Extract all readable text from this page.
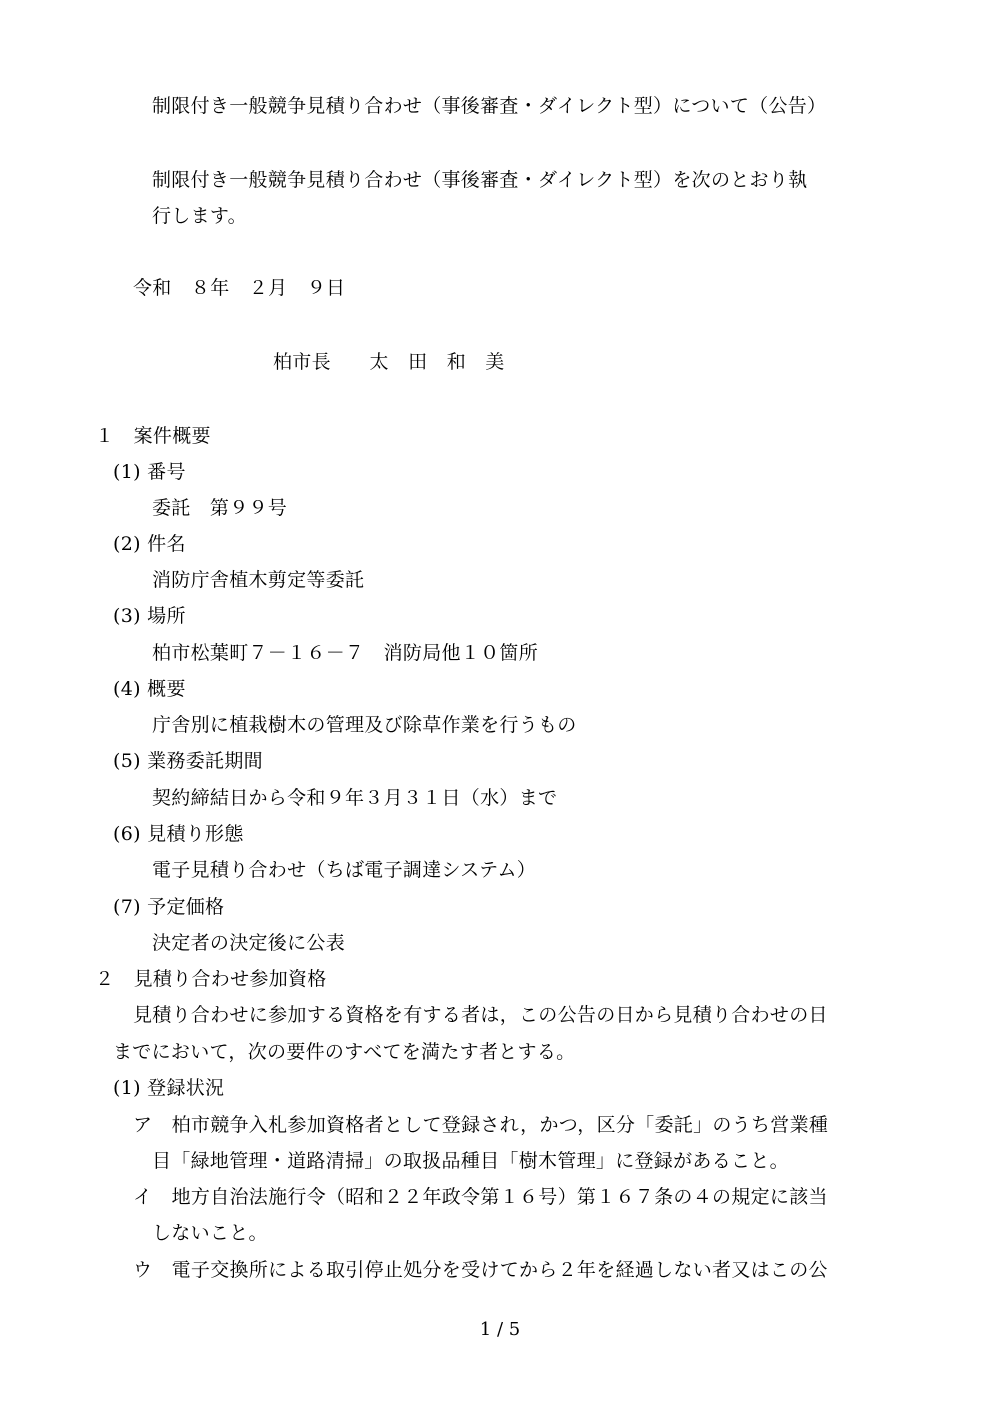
制限付き一般競争見積り合わせ（事後審査・ダイレクト型）について（公告）
制限付き一般競争見積り合わせ（事後審査・ダイレクト型）を次のとおり執
行します。
令和　８年　２月　９日
柏市長　　太　田　和　美
１　案件概要
(1) 番号
委託　第９９号
(2) 件名
消防庁舎植木剪定等委託
(3) 場所
柏市松葉町７－１６－７　消防局他１０箇所
(4) 概要
庁舎別に植栽樹木の管理及び除草作業を行うもの
(5) 業務委託期間
契約締結日から令和９年３月３１日（水）まで
(6) 見積り形態
電子見積り合わせ（ちば電子調達システム）
(7) 予定価格
決定者の決定後に公表
２　見積り合わせ参加資格
見積り合わせに参加する資格を有する者は，この公告の日から見積り合わせの日
までにおいて，次の要件のすべてを満たす者とする。
(1) 登録状況
ア　柏市競争入札参加資格者として登録され，かつ，区分「委託」のうち営業種
目「緑地管理・道路清掃」の取扱品種目「樹木管理」に登録があること。
イ　地方自治法施行令（昭和２２年政令第１６号）第１６７条の４の規定に該当
しないこと。
ウ　電子交換所による取引停止処分を受けてから２年を経過しない者又はこの公
1 / 5
